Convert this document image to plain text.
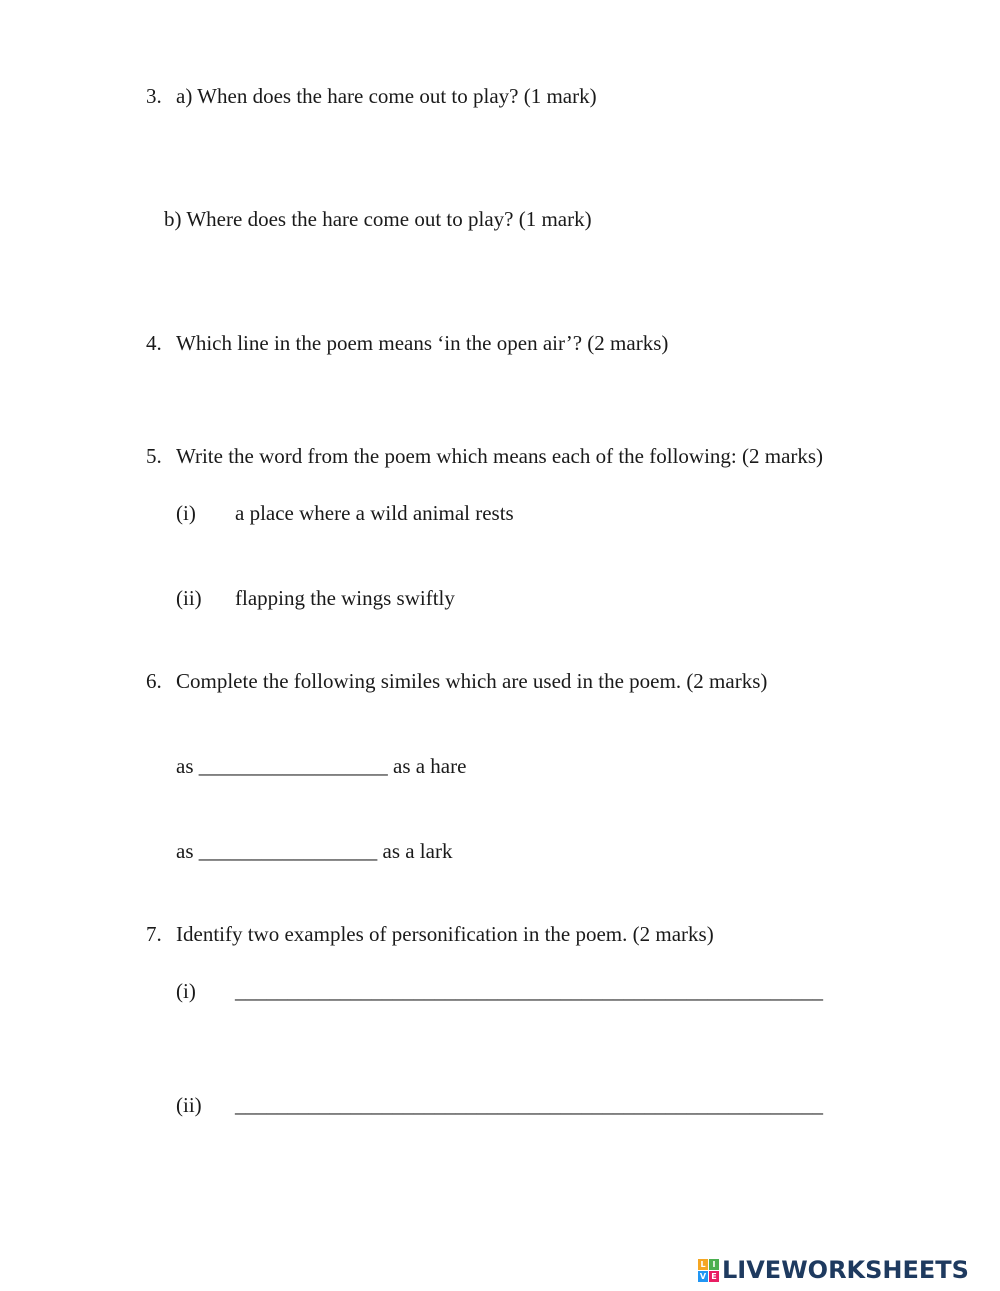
3. a) When does the hare come out to play? (1 mark)
b) Where does the hare come out to play? (1 mark)
4. Which line in the poem means ‘in the open air’? (2 marks)
5. Write the word from the poem which means each of the following: (2 marks)
(i) a place where a wild animal rests
(ii) flapping the wings swiftly
6. Complete the following similes which are used in the poem. (2 marks)
as __________________ as a hare
as _________________ as a lark
7. Identify two examples of personification in the poem. (2 marks)
(i) ________________________________________________________
(ii) ________________________________________________________
L I
V E LIVEWORKSHEETS
